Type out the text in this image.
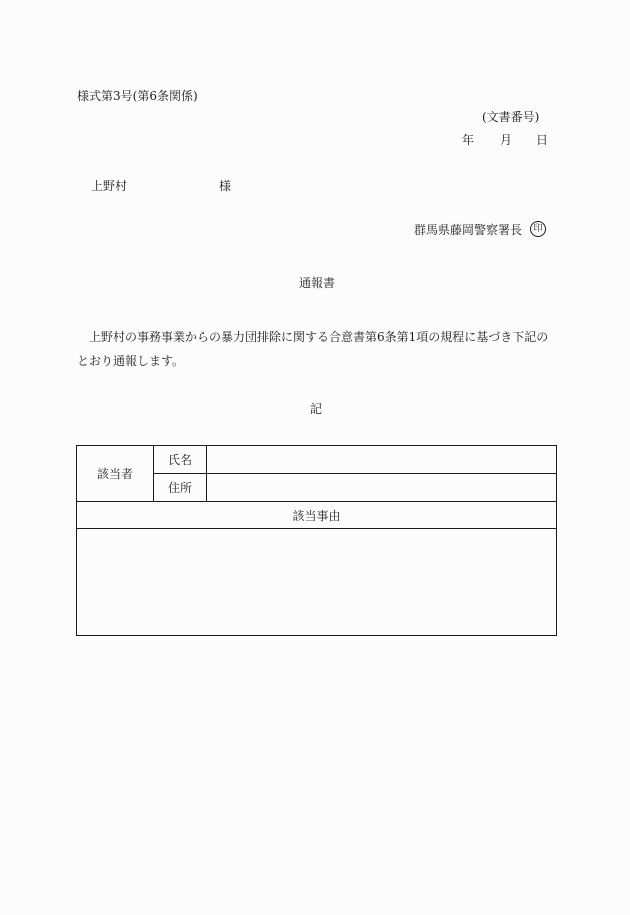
様式第3号(第6条関係)
(文書番号)
年 月 日
上野村	様
群馬県藤岡警察署長	印
通報書
上野村の事務事業からの暴力団排除に関する合意書第6条第1項の規程に基づき下記のとおり通報します。
記
該当者	氏名	
	住所	
該当事由		
